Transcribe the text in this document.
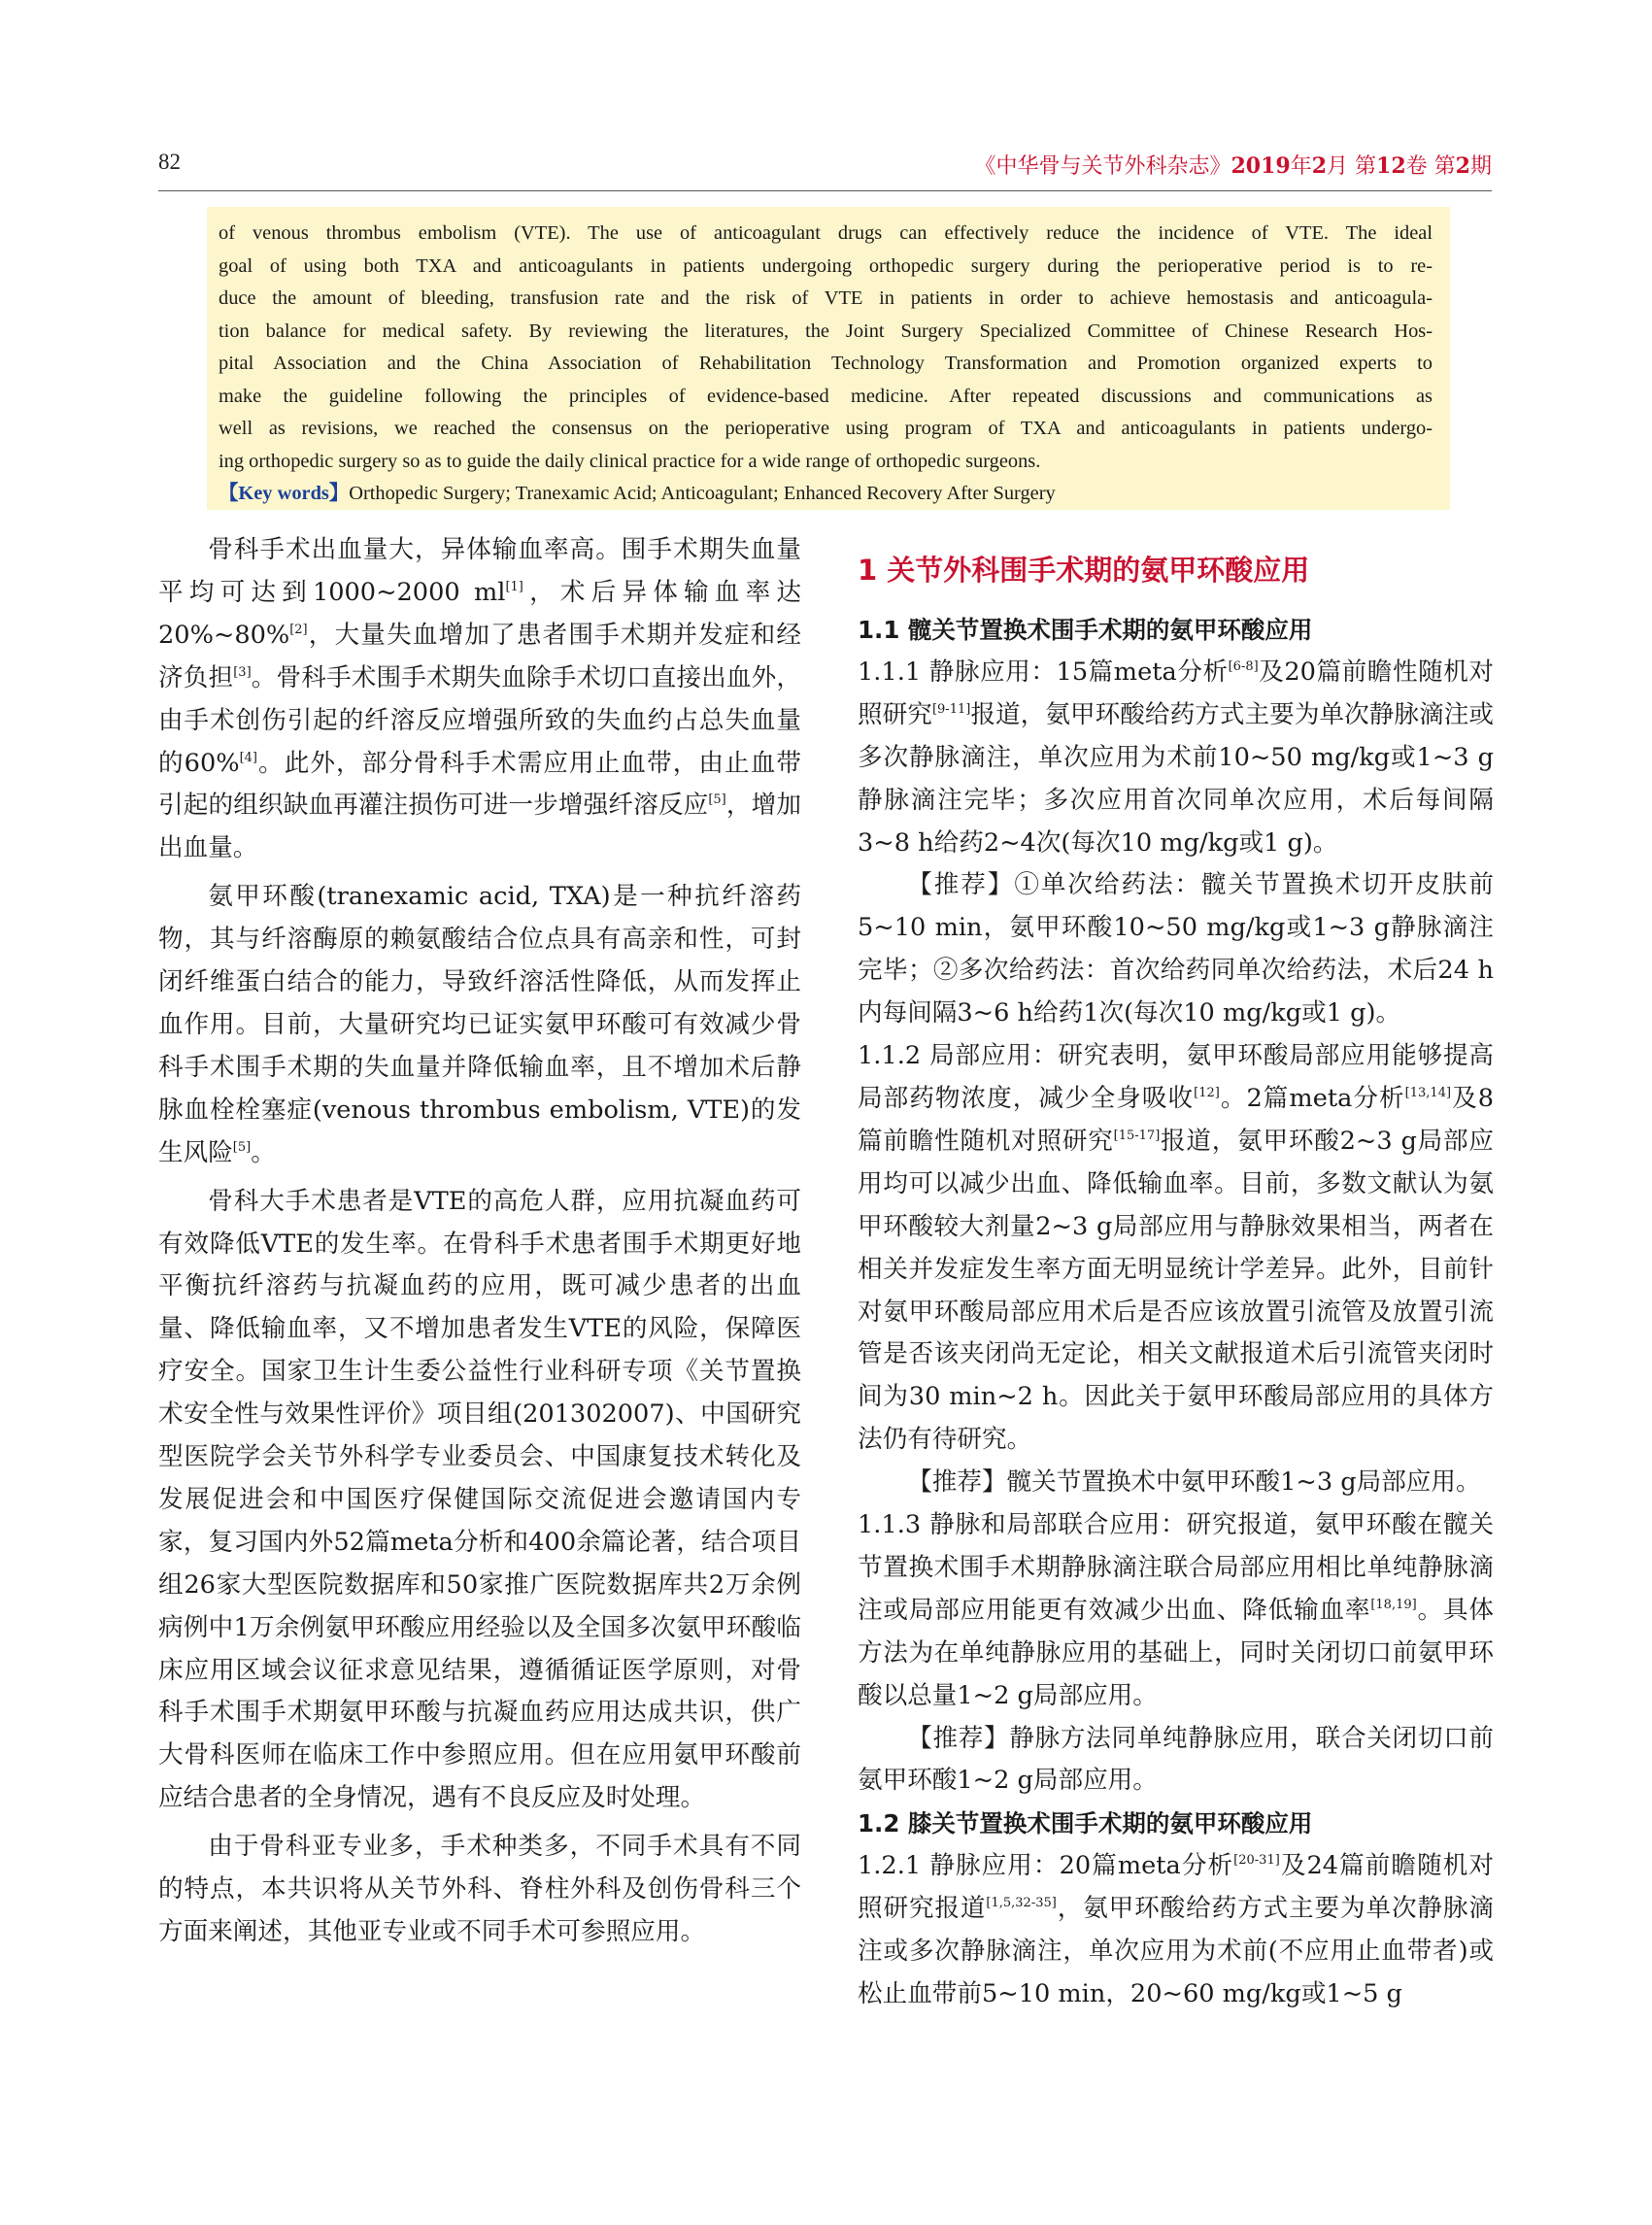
82	《中华骨与关节外科杂志》2019年2月 第12卷 第2期
of venous thrombus embolism (VTE). The use of anticoagulant drugs can effectively reduce the incidence of VTE. The ideal
goal of using both TXA and anticoagulants in patients undergoing orthopedic surgery during the perioperative period is to re-
duce the amount of bleeding, transfusion rate and the risk of VTE in patients in order to achieve hemostasis and anticoagula-
tion balance for medical safety. By reviewing the literatures, the Joint Surgery Specialized Committee of Chinese Research Hos-
pital Association and the China Association of Rehabilitation Technology Transformation and Promotion organized experts to
make the guideline following the principles of evidence-based medicine. After repeated discussions and communications as
well as revisions, we reached the consensus on the perioperative using program of TXA and anticoagulants in patients undergo-
ing orthopedic surgery so as to guide the daily clinical practice for a wide range of orthopedic surgeons.
【Key words】Orthopedic Surgery; Tranexamic Acid; Anticoagulant; Enhanced Recovery After Surgery

骨科手术出血量大，异体输血率高。围手术期失血量平均可达到1000~2000 ml[1]，术后异体输血率达20%~80%[2]，大量失血增加了患者围手术期并发症和经济负担[3]。骨科手术围手术期失血除手术切口直接出血外，由手术创伤引起的纤溶反应增强所致的失血约占总失血量的60%[4]。此外，部分骨科手术需应用止血带，由止血带引起的组织缺血再灌注损伤可进一步增强纤溶反应[5]，增加出血量。

氨甲环酸(tranexamic acid, TXA)是一种抗纤溶药物，其与纤溶酶原的赖氨酸结合位点具有高亲和性，可封闭纤维蛋白结合的能力，导致纤溶活性降低，从而发挥止血作用。目前，大量研究均已证实氨甲环酸可有效减少骨科手术围手术期的失血量并降低输血率，且不增加术后静脉血栓栓塞症(venous thrombus embolism, VTE)的发生风险[5]。

骨科大手术患者是VTE的高危人群，应用抗凝血药可有效降低VTE的发生率。在骨科手术患者围手术期更好地平衡抗纤溶药与抗凝血药的应用，既可减少患者的出血量、降低输血率，又不增加患者发生VTE的风险，保障医疗安全。国家卫生计生委公益性行业科研专项《关节置换术安全性与效果性评价》项目组(201302007)、中国研究型医院学会关节外科学专业委员会、中国康复技术转化及发展促进会和中国医疗保健国际交流促进会邀请国内专家，复习国内外52篇meta分析和400余篇论著，结合项目组26家大型医院数据库和50家推广医院数据库共2万余例病例中1万余例氨甲环酸应用经验以及全国多次氨甲环酸临床应用区域会议征求意见结果，遵循循证医学原则，对骨科手术围手术期氨甲环酸与抗凝血药应用达成共识，供广大骨科医师在临床工作中参照应用。但在应用氨甲环酸前应结合患者的全身情况，遇有不良反应及时处理。

由于骨科亚专业多，手术种类多，不同手术具有不同的特点，本共识将从关节外科、脊柱外科及创伤骨科三个方面来阐述，其他亚专业或不同手术可参照应用。

1 关节外科围手术期的氨甲环酸应用
1.1 髋关节置换术围手术期的氨甲环酸应用

1.1.1 静脉应用：15篇meta分析[6-8]及20篇前瞻性随机对照研究[9-11]报道，氨甲环酸给药方式主要为单次静脉滴注或多次静脉滴注，单次应用为术前10~50 mg/kg或1~3 g静脉滴注完毕；多次应用首次同单次应用，术后每间隔3~8 h给药2~4次(每次10 mg/kg或1 g)。

【推荐】①单次给药法：髋关节置换术切开皮肤前5~10 min，氨甲环酸10~50 mg/kg或1~3 g静脉滴注完毕；②多次给药法：首次给药同单次给药法，术后24 h内每间隔3~6 h给药1次(每次10 mg/kg或1 g)。

1.1.2 局部应用：研究表明，氨甲环酸局部应用能够提高局部药物浓度，减少全身吸收[12]。2篇meta分析[13,14]及8篇前瞻性随机对照研究[15-17]报道，氨甲环酸2~3 g局部应用均可以减少出血、降低输血率。目前，多数文献认为氨甲环酸较大剂量2~3 g局部应用与静脉效果相当，两者在相关并发症发生率方面无明显统计学差异。此外，目前针对氨甲环酸局部应用术后是否应该放置引流管及放置引流管是否该夹闭尚无定论，相关文献报道术后引流管夹闭时间为30 min~2 h。因此关于氨甲环酸局部应用的具体方法仍有待研究。

【推荐】髋关节置换术中氨甲环酸1~3 g局部应用。

1.1.3 静脉和局部联合应用：研究报道，氨甲环酸在髋关节置换术围手术期静脉滴注联合局部应用相比单纯静脉滴注或局部应用能更有效减少出血、降低输血率[18,19]。具体方法为在单纯静脉应用的基础上，同时关闭切口前氨甲环酸以总量1~2 g局部应用。

【推荐】静脉方法同单纯静脉应用，联合关闭切口前氨甲环酸1~2 g局部应用。

1.2 膝关节置换术围手术期的氨甲环酸应用

1.2.1 静脉应用：20篇meta分析[20-31]及24篇前瞻随机对照研究报道[1,5,32-35]，氨甲环酸给药方式主要为单次静脉滴注或多次静脉滴注，单次应用为术前(不应用止血带者)或松止血带前5~10 min，20~60 mg/kg或1~5 g
